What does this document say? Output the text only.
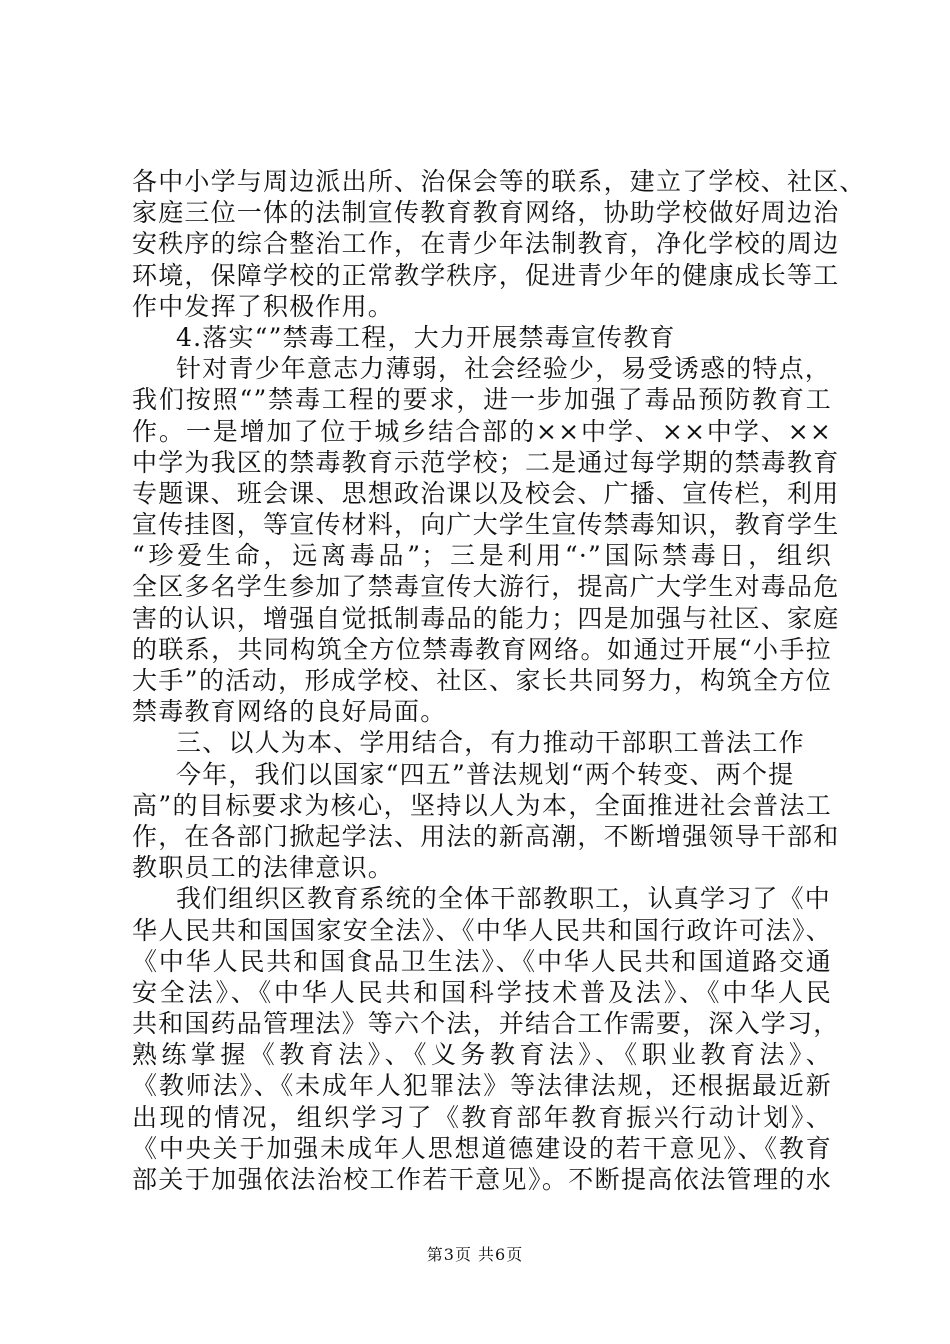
各中小学与周边派出所、治保会等的联系，建立了学校、社区、
家庭三位一体的法制宣传教育教育网络，协助学校做好周边治
安秩序的综合整治工作，在青少年法制教育，净化学校的周边
环境，保障学校的正常教学秩序，促进青少年的健康成长等工
作中发挥了积极作用。
4.落实“”禁毒工程，大力开展禁毒宣传教育
针对青少年意志力薄弱，社会经验少，易受诱惑的特点，
我们按照“”禁毒工程的要求，进一步加强了毒品预防教育工
作。一是增加了位于城乡结合部的××中学、××中学、××
中学为我区的禁毒教育示范学校；二是通过每学期的禁毒教育
专题课、班会课、思想政治课以及校会、广播、宣传栏，利用
宣传挂图，等宣传材料，向广大学生宣传禁毒知识，教育学生
“珍爱生命，远离毒品”；三是利用“·”国际禁毒日，组织
全区多名学生参加了禁毒宣传大游行，提高广大学生对毒品危
害的认识，增强自觉抵制毒品的能力；四是加强与社区、家庭
的联系，共同构筑全方位禁毒教育网络。如通过开展“小手拉
大手”的活动，形成学校、社区、家长共同努力，构筑全方位
禁毒教育网络的良好局面。
三、以人为本、学用结合，有力推动干部职工普法工作
今年，我们以国家“四五”普法规划“两个转变、两个提
高”的目标要求为核心，坚持以人为本，全面推进社会普法工
作，在各部门掀起学法、用法的新高潮，不断增强领导干部和
教职员工的法律意识。
我们组织区教育系统的全体干部教职工，认真学习了《中
华人民共和国国家安全法》、《中华人民共和国行政许可法》、
《中华人民共和国食品卫生法》、《中华人民共和国道路交通
安全法》、《中华人民共和国科学技术普及法》、《中华人民
共和国药品管理法》等六个法，并结合工作需要，深入学习，
熟练掌握《教育法》、《义务教育法》、《职业教育法》、
《教师法》、《未成年人犯罪法》等法律法规，还根据最近新
出现的情况，组织学习了《教育部年教育振兴行动计划》、
《中央关于加强未成年人思想道德建设的若干意见》、《教育
部关于加强依法治校工作若干意见》。不断提高依法管理的水
第3页 共6页
